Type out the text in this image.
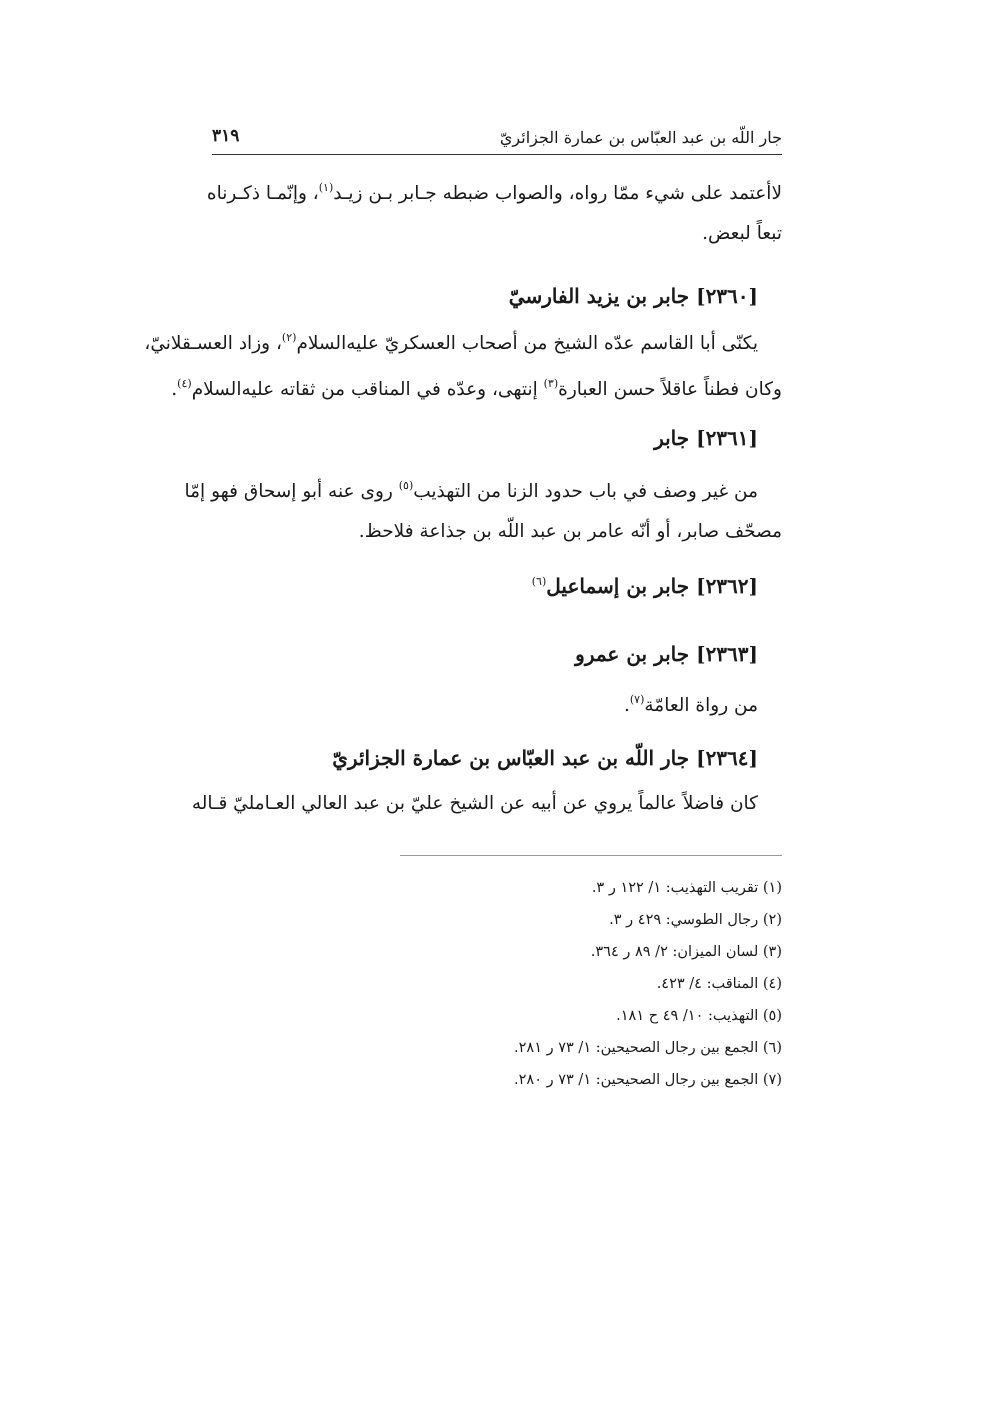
جار اللّه بن عبد العبّاس بن عمارة الجزائريّ
٣١٩
لاأعتمد على شيء ممّا رواه، والصواب ضبطه جـابر بـن زيـد$^{(١)}$، وإنّمـا ذكـرناه
تبعاً لبعض.
[٢٣٦٠] جابر بن يزيد الفارسيّ
يكنّى أبا القاسم عدّه الشيخ من أصحاب العسكريّ عليه‌السلام$^{(٢)}$، وزاد العسـقلانيّ،
وكان فطناً عاقلاً حسن العبارة$^{(٣)}$ إنتهى، وعدّه في المناقب من ثقاته عليه‌السلام$^{(٤)}$.
[٢٣٦١] جابر
من غير وصف في باب حدود الزنا من التهذيب$^{(٥)}$ روى عنه أبو إسحاق فهو إمّا
مصحّف صابر، أو أنّه عامر بن عبد اللّه بن جذاعة فلاحظ.
[٢٣٦٢] جابر بن إسماعيل$^{(٦)}$
[٢٣٦٣] جابر بن عمرو
من رواة العامّة$^{(٧)}$.
[٢٣٦٤] جار اللّه بن عبد العبّاس بن عمارة الجزائريّ
كان فاضلاً عالماً يروي عن أبيه عن الشيخ عليّ بن عبد العالي العـامليّ قـاله
(١) تقريب التهذيب: ١/ ١٢٢ ر ٣.
(٢) رجال الطوسي: ٤٢٩ ر ٣.
(٣) لسان الميزان: ٢/ ٨٩ ر ٣٦٤.
(٤) المناقب: ٤/ ٤٢٣.
(٥) التهذيب: ١٠/ ٤٩ ح ١٨١.
(٦) الجمع بين رجال الصحيحين: ١/ ٧٣ ر ٢٨١.
(٧) الجمع بين رجال الصحيحين: ١/ ٧٣ ر ٢٨٠.
